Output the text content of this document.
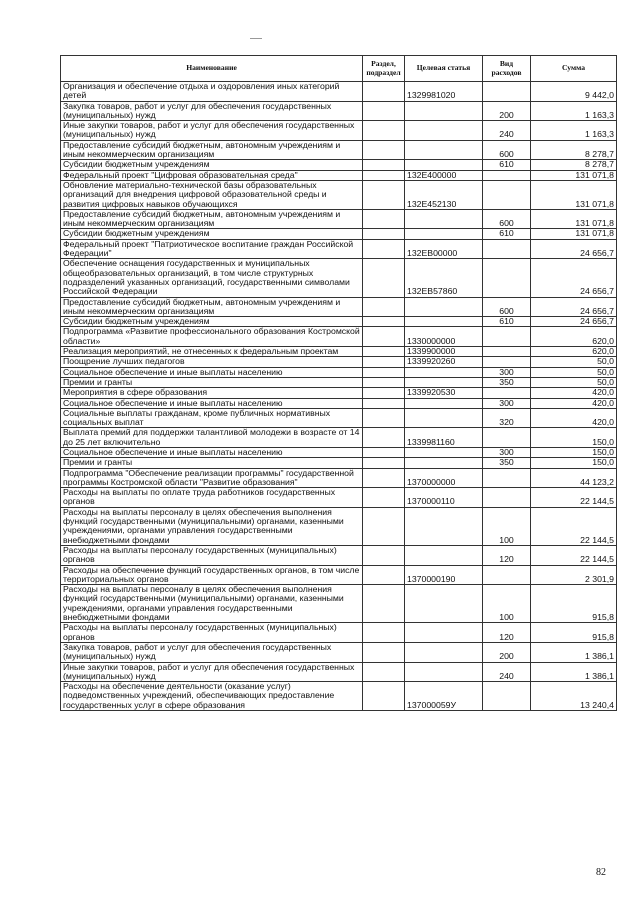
Наименование	Раздел, подраздел	Целевая статья	Вид расходов	Сумма
Организация и обеспечение отдыха и оздоровления иных категорий детей		1329981020		9 442,0
Закупка товаров, работ и услуг для обеспечения государственных (муниципальных) нужд			200	1 163,3
Иные закупки товаров, работ и услуг для обеспечения государственных (муниципальных) нужд			240	1 163,3
Предоставление субсидий бюджетным, автономным учреждениям и иным некоммерческим организациям			600	8 278,7
Субсидии бюджетным учреждениям			610	8 278,7
Федеральный проект "Цифровая образовательная среда"		132E400000		131 071,8
Обновление материально-технической базы образовательных организаций для внедрения цифровой образовательной среды и развития цифровых навыков обучающихся		132E452130		131 071,8
Предоставление субсидий бюджетным, автономным учреждениям и иным некоммерческим организациям			600	131 071,8
Субсидии бюджетным учреждениям			610	131 071,8
Федеральный проект "Патриотическое воспитание граждан Российской Федерации"		132EB00000		24 656,7
Обеспечение оснащения государственных и муниципальных общеобразовательных организаций, в том числе структурных подразделений указанных организаций, государственными символами Российской Федерации		132EB57860		24 656,7
Предоставление субсидий бюджетным, автономным учреждениям и иным некоммерческим организациям			600	24 656,7
Субсидии бюджетным учреждениям			610	24 656,7
Подпрограмма «Развитие профессионального образования Костромской области»		1330000000		620,0
Реализация мероприятий, не отнесенных к федеральным проектам		1339900000		620,0
Поощрение лучших педагогов		1339920260		50,0
Социальное обеспечение и иные выплаты населению			300	50,0
Премии и гранты			350	50,0
Мероприятия в сфере образования		1339920530		420,0
Социальное обеспечение и иные выплаты населению			300	420,0
Социальные выплаты гражданам, кроме публичных нормативных социальных выплат			320	420,0
Выплата премий для поддержки талантливой молодежи в возрасте от 14 до 25 лет включительно		1339981160		150,0
Социальное обеспечение и иные выплаты населению			300	150,0
Премии и гранты			350	150,0
Подпрограмма "Обеспечение реализации программы" государственной программы Костромской области "Развитие образования"		1370000000		44 123,2
Расходы на выплаты по оплате труда работников государственных органов		1370000110		22 144,5
Расходы на выплаты персоналу в целях обеспечения выполнения функций государственными (муниципальными) органами, казенными учреждениями, органами управления государственными внебюджетными фондами			100	22 144,5
Расходы на выплаты персоналу государственных (муниципальных) органов			120	22 144,5
Расходы на обеспечение функций государственных органов, в том числе территориальных органов		1370000190		2 301,9
Расходы на выплаты персоналу в целях обеспечения выполнения функций государственными (муниципальными) органами, казенными учреждениями, органами управления государственными внебюджетными фондами			100	915,8
Расходы на выплаты персоналу государственных (муниципальных) органов			120	915,8
Закупка товаров, работ и услуг для обеспечения государственных (муниципальных) нужд			200	1 386,1
Иные закупки товаров, работ и услуг для обеспечения государственных (муниципальных) нужд			240	1 386,1
Расходы на обеспечение деятельности (оказание услуг) подведомственных учреждений, обеспечивающих предоставление государственных услуг в сфере образования		137000059У		13 240,4
82
